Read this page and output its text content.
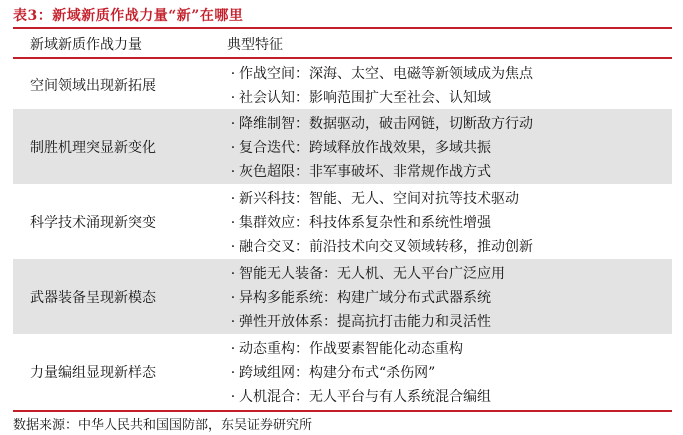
表3：新域新质作战力量“新”在哪里
新域新质作战力量	典型特征
空间领域出现新拓展
· 作战空间：深海、太空、电磁等新领域成为焦点
· 社会认知：影响范围扩大至社会、认知域
制胜机理突显新变化
· 降维制智：数据驱动，破击网链，切断敌方行动
· 复合迭代：跨域释放作战效果，多域共振
· 灰色超限：非军事破坏、非常规作战方式
科学技术涌现新突变
· 新兴科技：智能、无人、空间对抗等技术驱动
· 集群效应：科技体系复杂性和系统性增强
· 融合交叉：前沿技术向交叉领域转移，推动创新
武器装备呈现新模态
· 智能无人装备：无人机、无人平台广泛应用
· 异构多能系统：构建广域分布式武器系统
· 弹性开放体系：提高抗打击能力和灵活性
力量编组显现新样态
· 动态重构：作战要素智能化动态重构
· 跨域组网：构建分布式“杀伤网”
· 人机混合：无人平台与有人系统混合编组
数据来源：中华人民共和国国防部，东吴证券研究所
